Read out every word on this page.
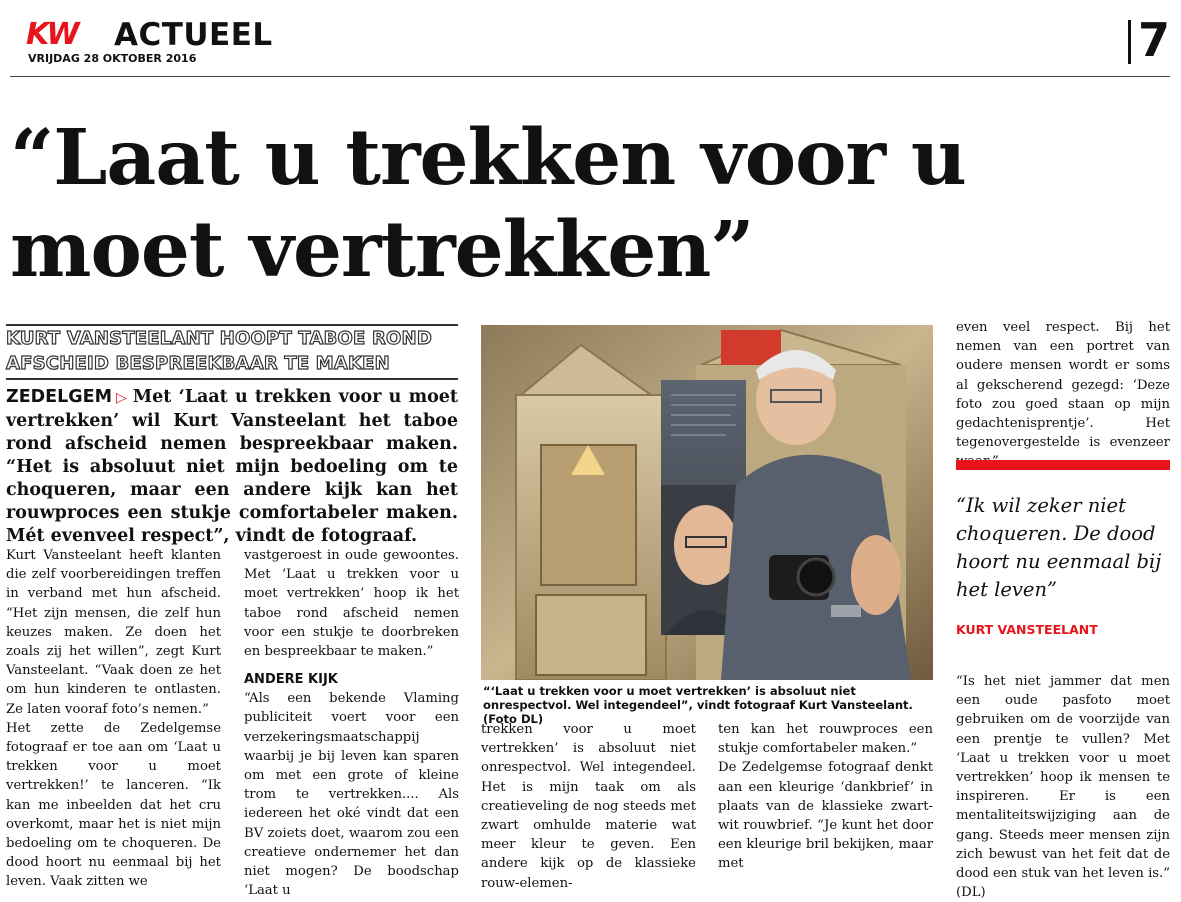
KW ACTUEEL
VRIJDAG 28 OKTOBER 2016	7
“Laat u trekken voor u moet vertrekken”
KURT VANSTEELANT HOOPT TABOE ROND
AFSCHEID BESPREEKBAAR TE MAKEN
ZEDELGEM ▷ Met ‘Laat u trekken voor u moet vertrekken’ wil Kurt Vansteelant het taboe rond afscheid nemen bespreekbaar maken. “Het is absoluut niet mijn bedoeling om te choqueren, maar een andere kijk kan het rouwproces een stukje comfortabeler maken. Mét evenveel respect”, vindt de fotograaf.

Kurt Vansteelant heeft klanten die zelf voorbereidingen treffen in verband met hun afscheid. “Het zijn mensen, die zelf hun keuzes maken. Ze doen het zoals zij het willen”, zegt Kurt Vansteelant. “Vaak doen ze het om hun kinderen te ontlasten. Ze laten vooraf foto’s nemen.”

Het zette de Zedelgemse fotograaf er toe aan om ‘Laat u trekken voor u moet vertrekken!’ te lanceren. “Ik kan me inbeelden dat het cru overkomt, maar het is niet mijn bedoeling om te choqueren. De dood hoort nu eenmaal bij het leven. Vaak zitten we

vastgeroest in oude gewoontes. Met ‘Laat u trekken voor u moet vertrekken’ hoop ik het taboe rond afscheid nemen voor een stukje te doorbreken en bespreekbaar te maken.”

ANDERE KIJK

“Als een bekende Vlaming publiciteit voert voor een verzekeringsmaatschappij waarbij je bij leven kan sparen om met een grote of kleine trom te vertrekken.... Als iedereen het oké vindt dat een BV zoiets doet, waarom zou een creatieve ondernemer het dan niet mogen? De boodschap ‘Laat u

“‘Laat u trekken voor u moet vertrekken’ is absoluut niet onrespectvol. Wel integendeel”, vindt fotograaf Kurt Vansteelant. (Foto DL)

trekken voor u moet vertrekken’ is absoluut niet onrespectvol. Wel integendeel. Het is mijn taak om als creatieveling de nog steeds met zwart omhulde materie wat meer kleur te geven. Een andere kijk op de klassieke rouw-elemen-

ten kan het rouwproces een stukje comfortabeler maken.”

De Zedelgemse fotograaf denkt aan een kleurige ‘dankbrief’ in plaats van de klassieke zwart-wit rouwbrief. “Je kunt het door een kleurige bril bekijken, maar met

even veel respect. Bij het nemen van een portret van oudere mensen wordt er soms al gekscherend gezegd: ‘Deze foto zou goed staan op mijn gedachtenisprentje’. Het tegenovergestelde is evenzeer

“Ik wil zeker niet choqueren. De dood hoort nu eenmaal bij het leven”
KURT VANSTEELANT

“Is het niet jammer dat men een oude pasfoto moet gebruiken om de voorzijde van een prentje te vullen? Met ‘Laat u trekken voor u moet vertrekken’ hoop ik mensen te inspireren. Er is een mentaliteitswijziging aan de gang. Steeds meer mensen zijn zich bewust van het feit dat de dood een stuk van het leven is.” (DL)
